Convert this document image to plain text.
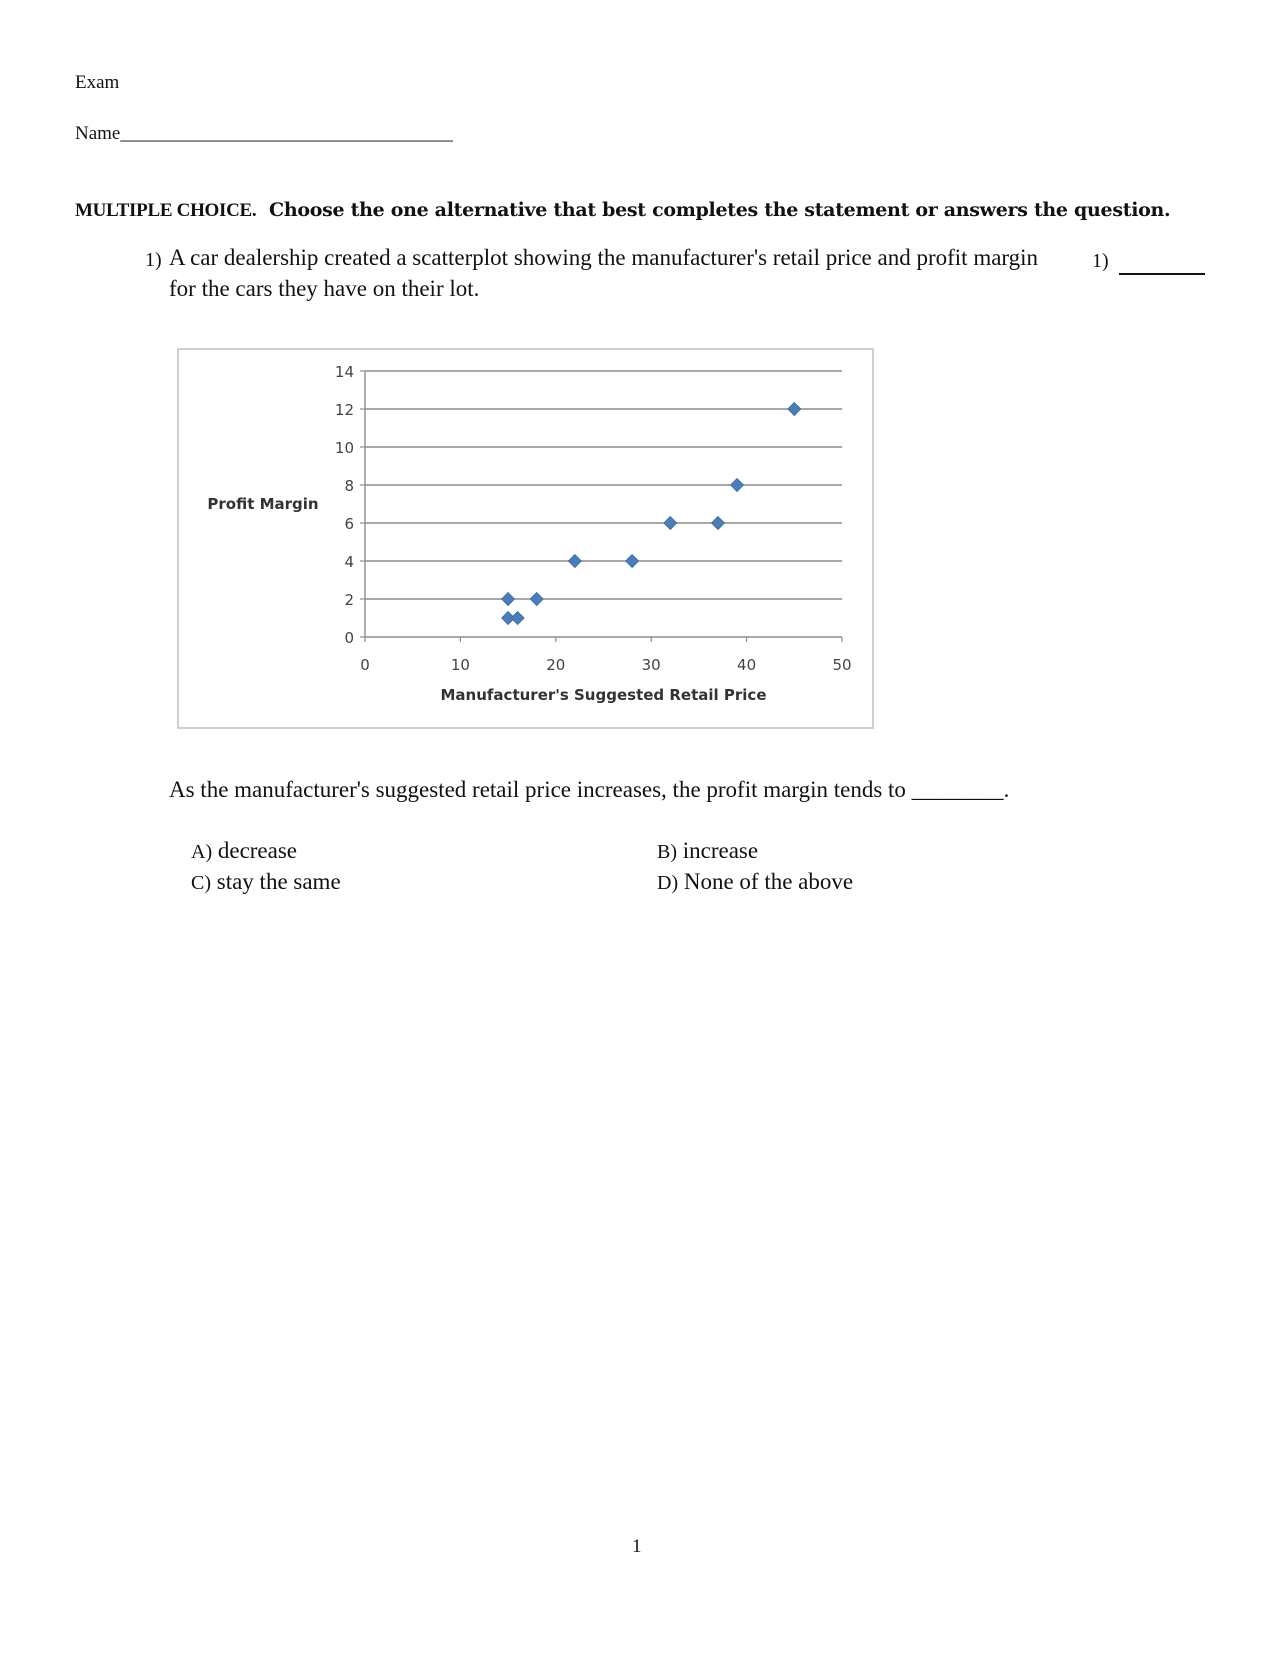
Exam
Name___________________________________
MULTIPLE CHOICE. Choose the one alternative that best completes the statement or answers the question.
1) A car dealership created a scatterplot showing the manufacturer's retail price and profit margin for the cars they have on their lot.
1)
0
2
4
6
8
10
12
14
0	10	20	30	40	50
Manufacturer's Suggested Retail Price
Profit Margin
As the manufacturer's suggested retail price increases, the profit margin tends to ________.
A) decrease	B) increase
C) stay the same	D) None of the above
1
